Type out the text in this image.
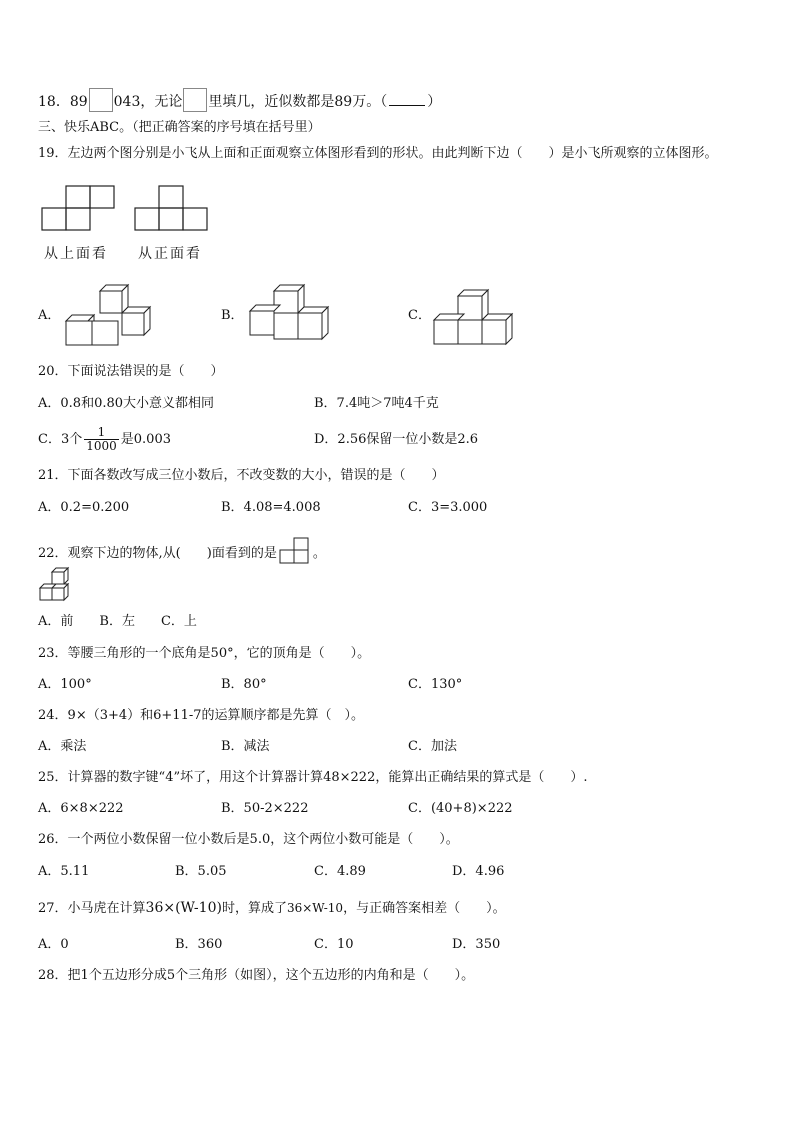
18．89 043，无论 里填几，近似数都是89万。（	）
三、快乐ABC。（把正确答案的序号填在括号里）
19．左边两个图分别是小飞从上面和正面观察立体图形看到的形状。由此判断下边（　　）是小飞所观察的立体图形。
从上面看 从正面看
A．	B．	C．
20．下面说法错误的是（　　）
A．0.8和0.80大小意义都相同	B．7.4吨＞7吨4千克
C．3个 $\frac{1}{1000}$ 是0.003	D．2.56保留一位小数是2.6
21．下面各数改写成三位小数后，不改变数的大小，错误的是（　　）
A．0.2=0.200	B．4.08=4.008	C．3=3.000
22．观察下边的物体,从(　　)面看到的是	。
A．前　　B．左　　C．上
23．等腰三角形的一个底角是50°，它的顶角是（　　）。
A．100°	B．80°	C．130°
24．9×（3+4）和6+11-7的运算顺序都是先算（　）。
A．乘法	B．减法	C．加法
25．计算器的数字键“4”坏了，用这个计算器计算48×222，能算出正确结果的算式是（　　）.
A．6×8×222	B．50-2×222	C．(40+8)×222
26．一个两位小数保留一位小数后是5.0，这个两位小数可能是（　　）。
A．5.11	B．5.05	C．4.89	D．4.96
27．小马虎在计算36×(W-10)时，算成了36×W-10，与正确答案相差（　　）。
A．0	B．360	C．10	D．350
28．把1个五边形分成5个三角形（如图），这个五边形的内角和是（　　）。
